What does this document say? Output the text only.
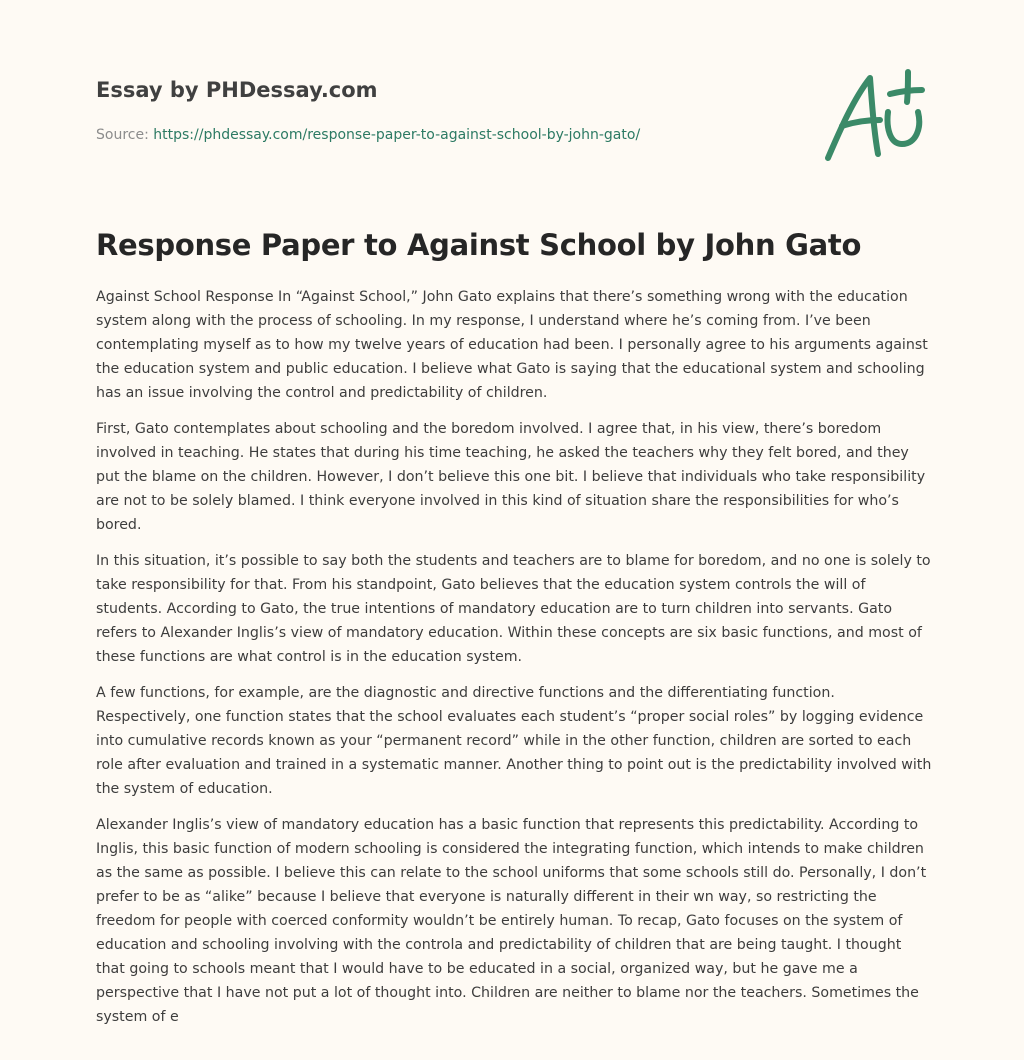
Essay by PHDessay.com
Source: https://phdessay.com/response-paper-to-against-school-by-john-gato/
Response Paper to Against School by John Gato

Against School Response In “Against School,” John Gato explains that there’s something wrong with the education system along with the process of schooling. In my response, I understand where he’s coming from. I’ve been contemplating myself as to how my twelve years of education had been. I personally agree to his arguments against the education system and public education. I believe what Gato is saying that the educational system and schooling has an issue involving the control and predictability of children.

First, Gato contemplates about schooling and the boredom involved. I agree that, in his view, there’s boredom involved in teaching. He states that during his time teaching, he asked the teachers why they felt bored, and they put the blame on the children. However, I don’t believe this one bit. I believe that individuals who take responsibility are not to be solely blamed. I think everyone involved in this kind of situation share the responsibilities for who’s bored.

In this situation, it’s possible to say both the students and teachers are to blame for boredom, and no one is solely to take responsibility for that. From his standpoint, Gato believes that the education system controls the will of students. According to Gato, the true intentions of mandatory education are to turn children into servants. Gato refers to Alexander Inglis’s view of mandatory education. Within these concepts are six basic functions, and most of these functions are what control is in the education system.

A few functions, for example, are the diagnostic and directive functions and the differentiating function. Respectively, one function states that the school evaluates each student’s “proper social roles” by logging evidence into cumulative records known as your “permanent record” while in the other function, children are sorted to each role after evaluation and trained in a systematic manner. Another thing to point out is the predictability involved with the system of education.

Alexander Inglis’s view of mandatory education has a basic function that represents this predictability. According to Inglis, this basic function of modern schooling is considered the integrating function, which intends to make children as the same as possible. I believe this can relate to the school uniforms that some schools still do. Personally, I don’t prefer to be as “alike” because I believe that everyone is naturally different in their wn way, so restricting the freedom for people with coerced conformity wouldn’t be entirely human. To recap, Gato focuses on the system of education and schooling involving with the controla and predictability of children that are being taught. I thought that going to schools meant that I would have to be educated in a social, organized way, but he gave me a perspective that I have not put a lot of thought into. Children are neither to blame nor the teachers. Sometimes the system of e
